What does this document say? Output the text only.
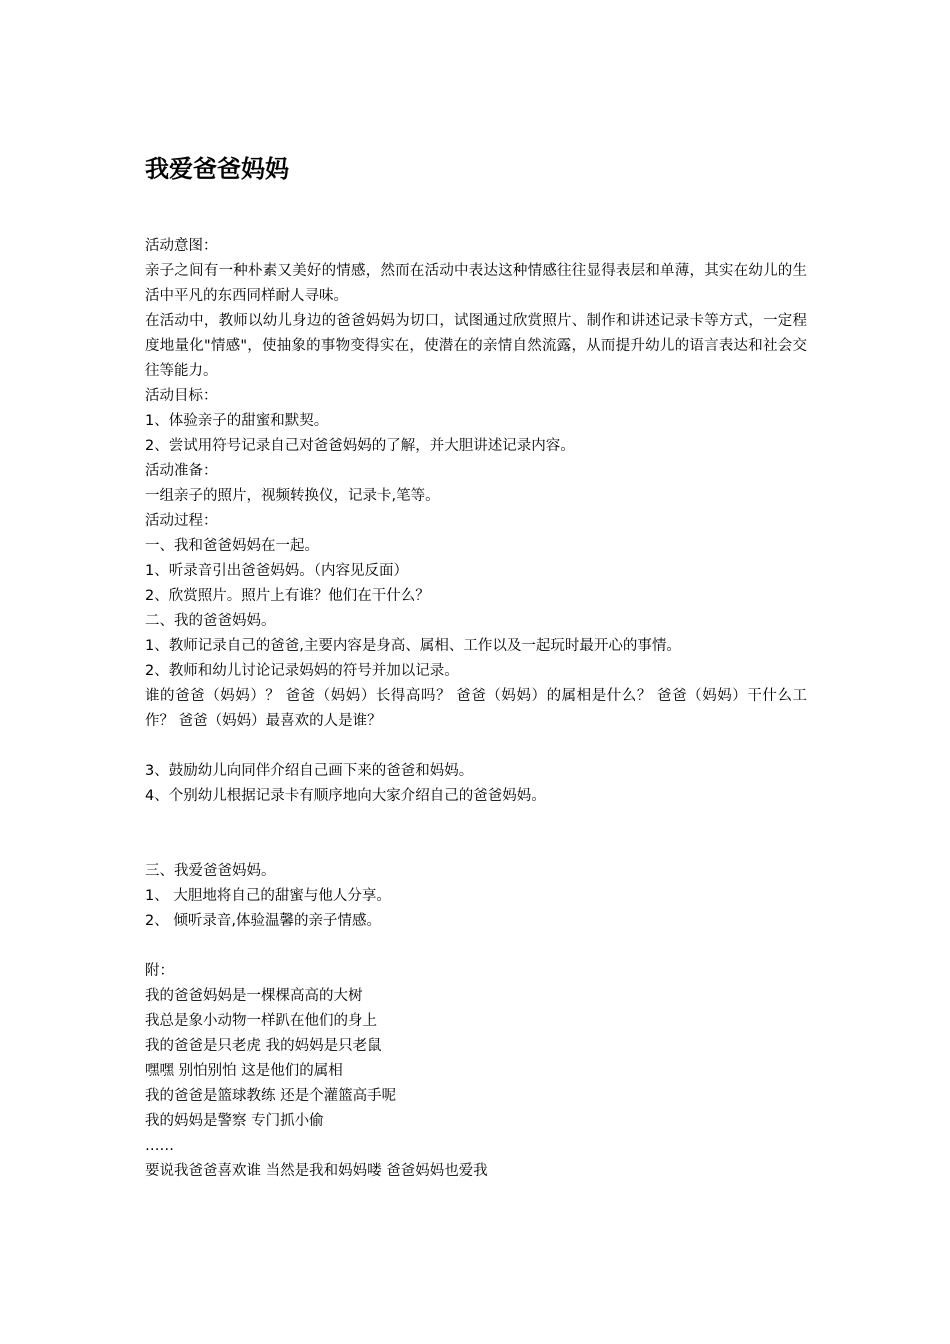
我爱爸爸妈妈
活动意图：
亲子之间有一种朴素又美好的情感，然而在活动中表达这种情感往往显得表层和单薄，其实在幼儿的生活中平凡的东西同样耐人寻味。
在活动中，教师以幼儿身边的爸爸妈妈为切口，试图通过欣赏照片、制作和讲述记录卡等方式，一定程度地量化"情感"，使抽象的事物变得实在，使潜在的亲情自然流露，从而提升幼儿的语言表达和社会交往等能力。
活动目标：
1、体验亲子的甜蜜和默契。
2、尝试用符号记录自己对爸爸妈妈的了解，并大胆讲述记录内容。
活动准备：
一组亲子的照片，视频转换仪，记录卡,笔等。
活动过程：
一、我和爸爸妈妈在一起。
1、听录音引出爸爸妈妈。（内容见反面）
2、欣赏照片。照片上有谁？他们在干什么？
二、我的爸爸妈妈。
1、教师记录自己的爸爸,主要内容是身高、属相、工作以及一起玩时最开心的事情。
2、教师和幼儿讨论记录妈妈的符号并加以记录。
谁的爸爸（妈妈）？ 爸爸（妈妈）长得高吗？ 爸爸（妈妈）的属相是什么？ 爸爸（妈妈）干什么工作？ 爸爸（妈妈）最喜欢的人是谁？
3、鼓励幼儿向同伴介绍自己画下来的爸爸和妈妈。
4、个别幼儿根据记录卡有顺序地向大家介绍自己的爸爸妈妈。
三、我爱爸爸妈妈。
1、 大胆地将自己的甜蜜与他人分享。
2、 倾听录音,体验温馨的亲子情感。
附：
我的爸爸妈妈是一棵棵高高的大树
我总是象小动物一样趴在他们的身上
我的爸爸是只老虎 我的妈妈是只老鼠
嘿嘿 别怕别怕 这是他们的属相
我的爸爸是篮球教练 还是个灌篮高手呢
我的妈妈是警察 专门抓小偷
……
要说我爸爸喜欢谁 当然是我和妈妈喽 爸爸妈妈也爱我
